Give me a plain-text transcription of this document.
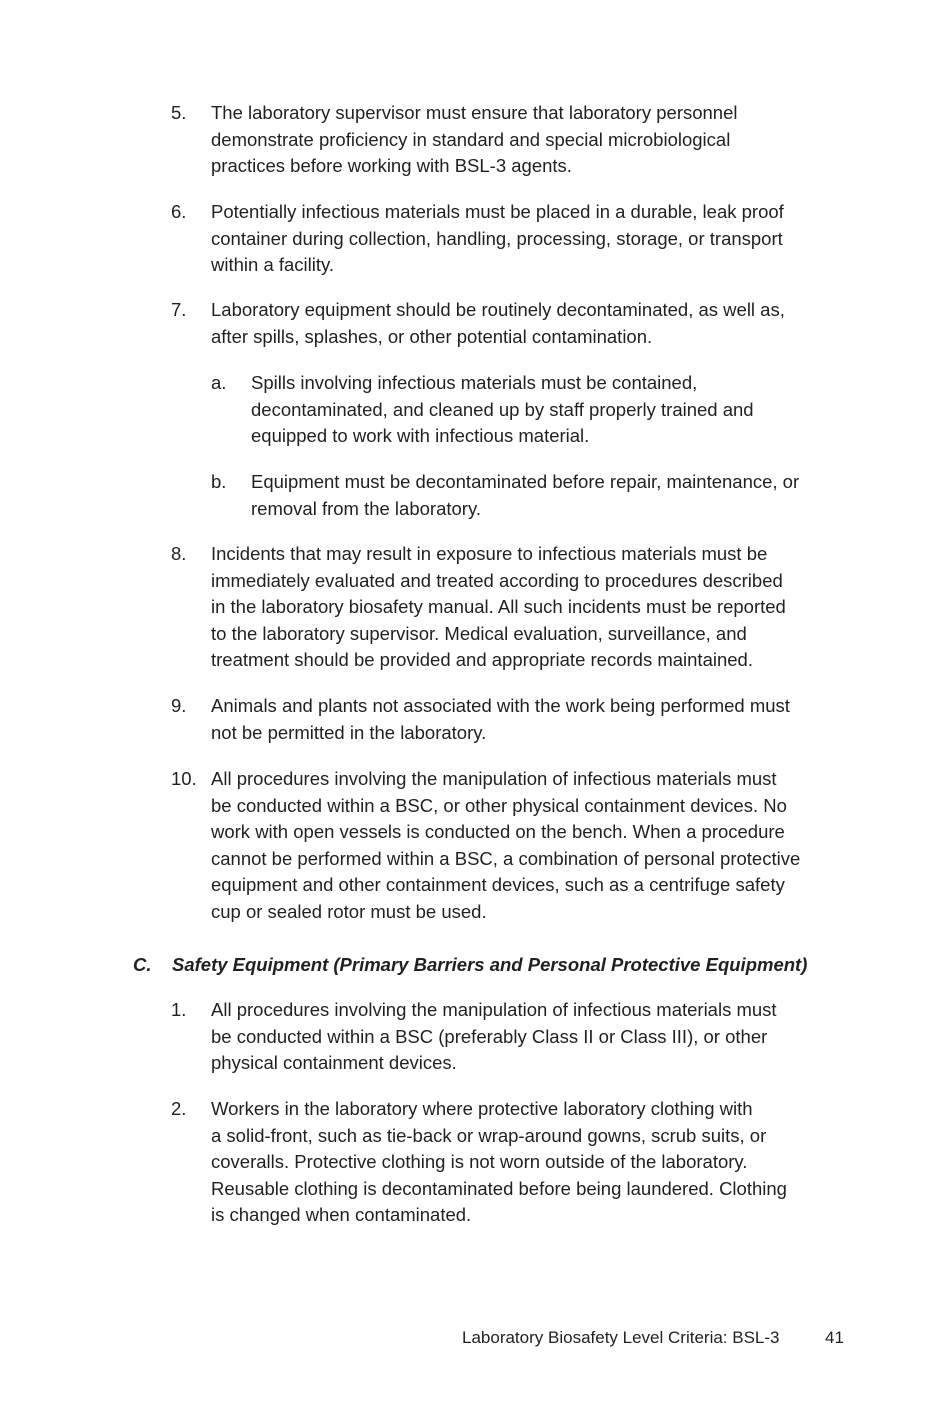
5. The laboratory supervisor must ensure that laboratory personnel
demonstrate proficiency in standard and special microbiological
practices before working with BSL-3 agents.
6. Potentially infectious materials must be placed in a durable, leak proof
container during collection, handling, processing, storage, or transport
within a facility.
7. Laboratory equipment should be routinely decontaminated, as well as,
after spills, splashes, or other potential contamination.
a. Spills involving infectious materials must be contained,
decontaminated, and cleaned up by staff properly trained and
equipped to work with infectious material.
b. Equipment must be decontaminated before repair, maintenance, or
removal from the laboratory.
8. Incidents that may result in exposure to infectious materials must be
immediately evaluated and treated according to procedures described
in the laboratory biosafety manual. All such incidents must be reported
to the laboratory supervisor. Medical evaluation, surveillance, and
treatment should be provided and appropriate records maintained.
9. Animals and plants not associated with the work being performed must
not be permitted in the laboratory.
10. All procedures involving the manipulation of infectious materials must
be conducted within a BSC, or other physical containment devices. No
work with open vessels is conducted on the bench. When a procedure
cannot be performed within a BSC, a combination of personal protective
equipment and other containment devices, such as a centrifuge safety
cup or sealed rotor must be used.
C. Safety Equipment (Primary Barriers and Personal Protective Equipment)
1. All procedures involving the manipulation of infectious materials must
be conducted within a BSC (preferably Class II or Class III), or other
physical containment devices.
2. Workers in the laboratory where protective laboratory clothing with
a solid-front, such as tie-back or wrap-around gowns, scrub suits, or
coveralls. Protective clothing is not worn outside of the laboratory.
Reusable clothing is decontaminated before being laundered. Clothing
is changed when contaminated.
Laboratory Biosafety Level Criteria: BSL-3	41
